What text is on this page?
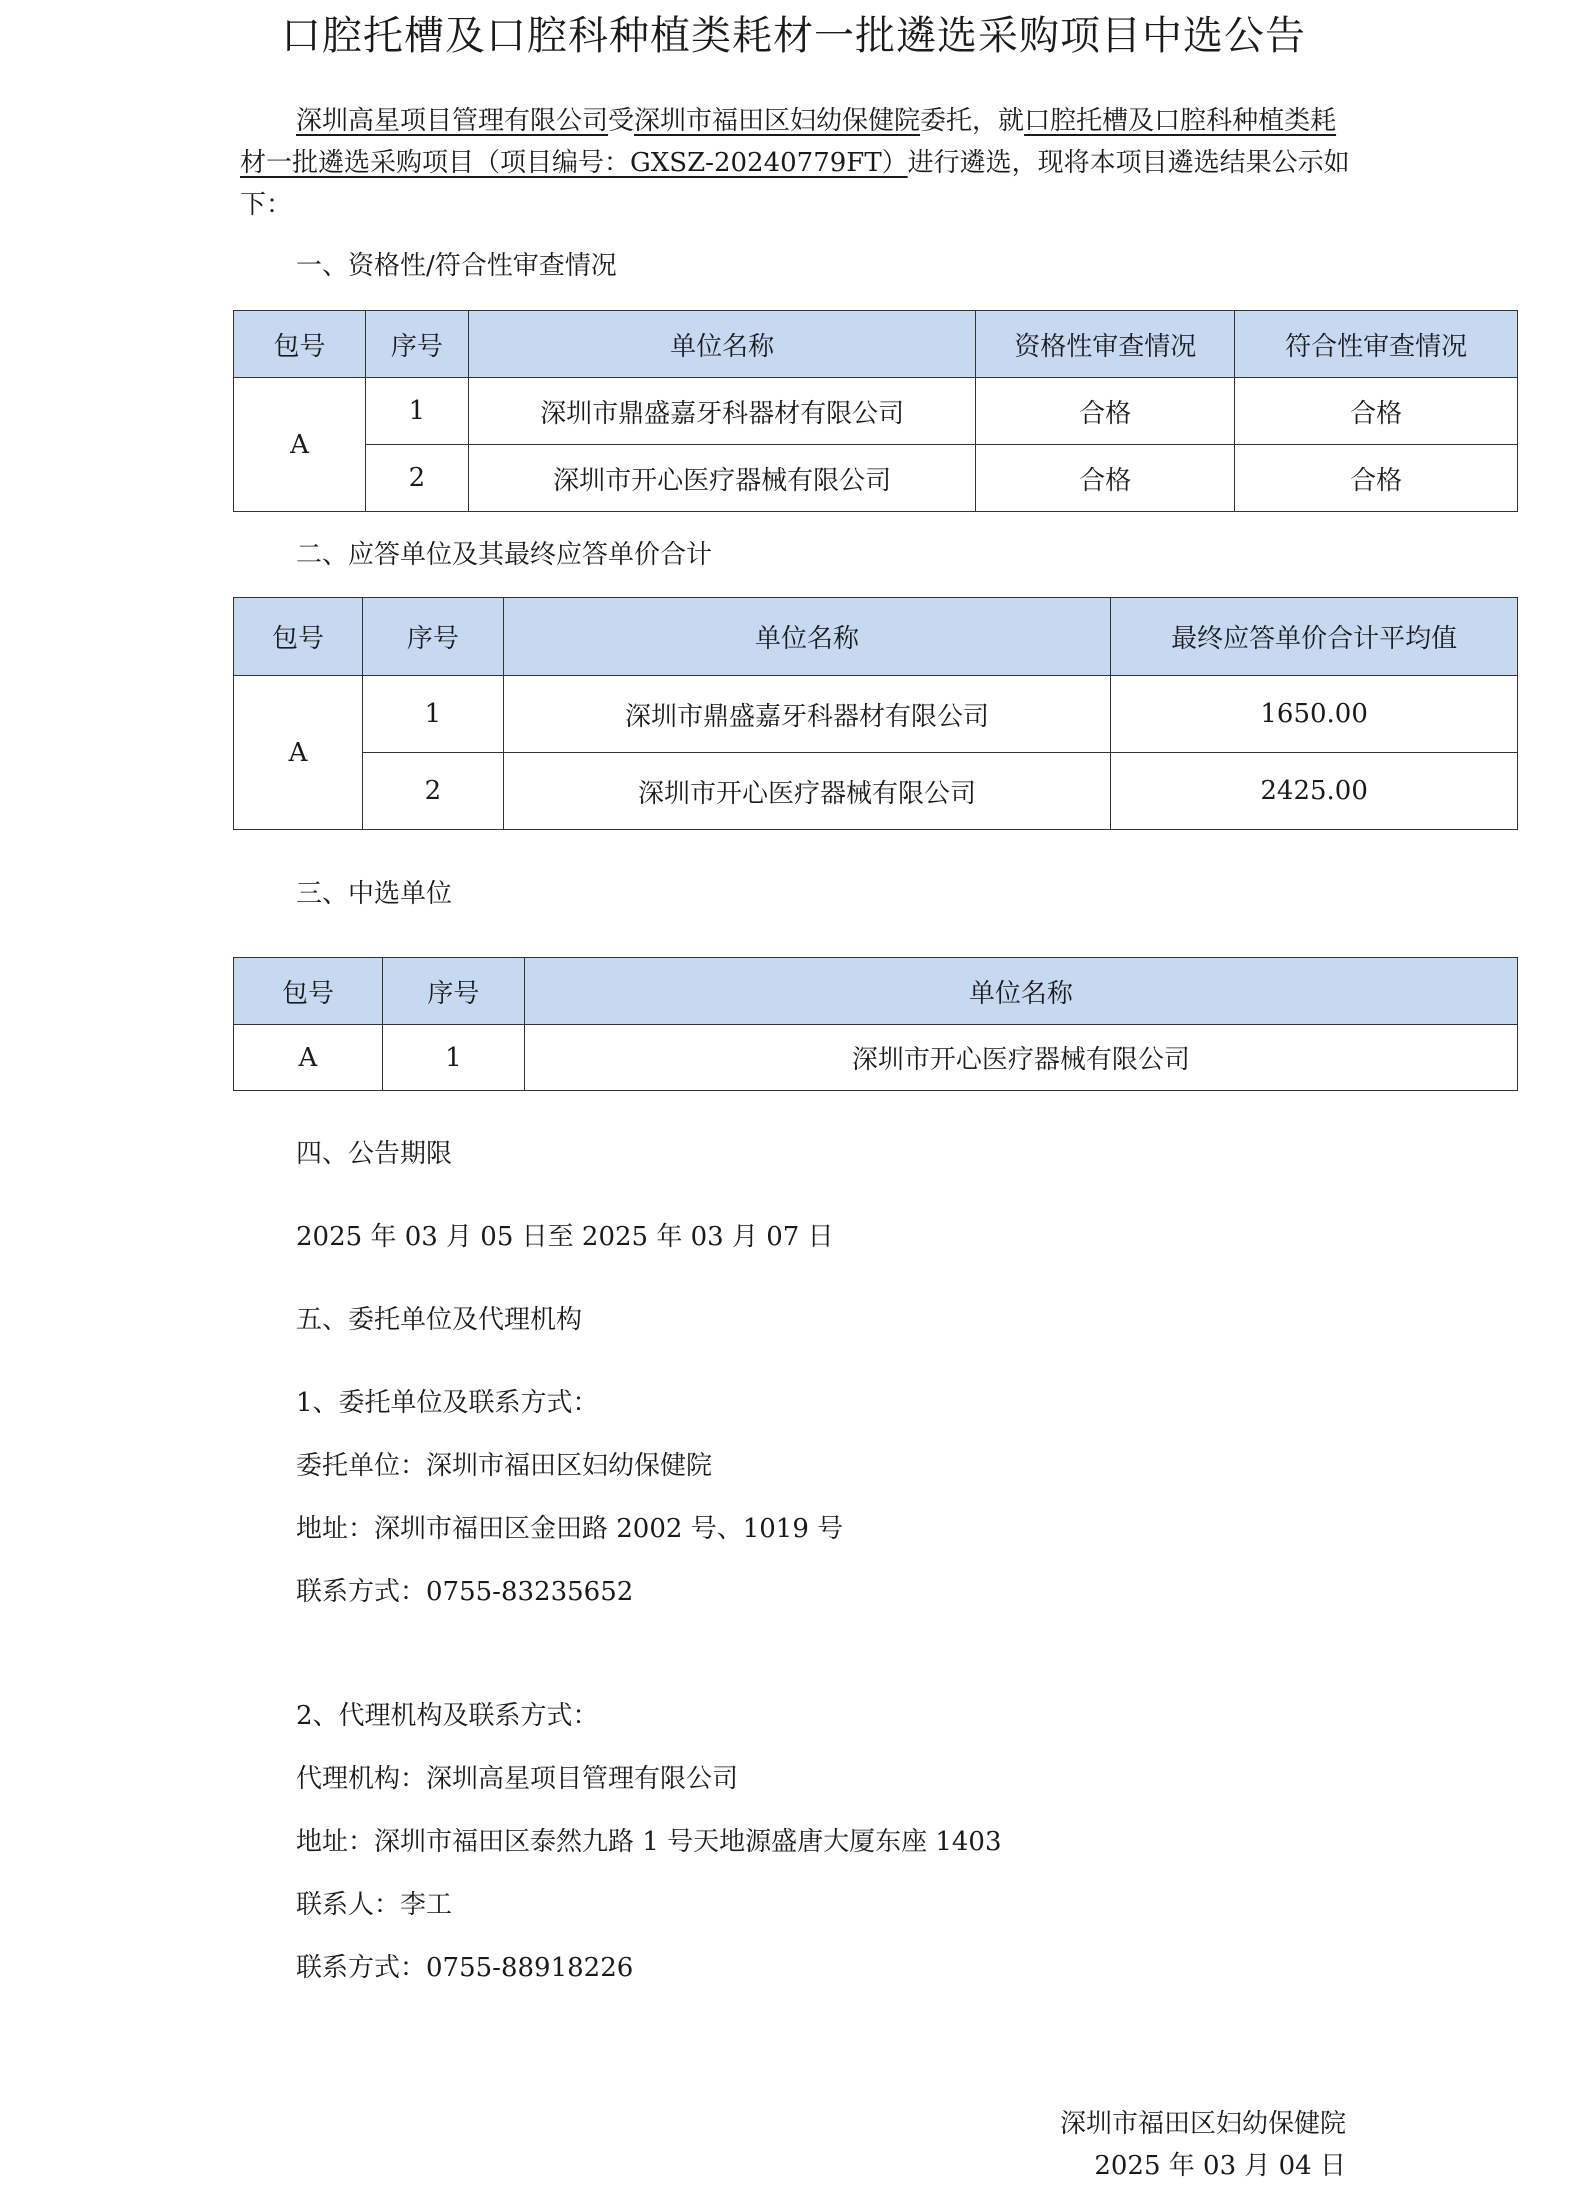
口腔托槽及口腔科种植类耗材一批遴选采购项目中选公告
深圳高星项目管理有限公司受深圳市福田区妇幼保健院委托，就口腔托槽及口腔科种植类耗材一批遴选采购项目（项目编号：GXSZ-20240779FT）进行遴选，现将本项目遴选结果公示如下：
一、资格性/符合性审查情况
包号	序号	单位名称	资格性审查情况	符合性审查情况
A	1	深圳市鼎盛嘉牙科器材有限公司	合格	合格
	2	深圳市开心医疗器械有限公司	合格	合格
二、应答单位及其最终应答单价合计
包号	序号	单位名称	最终应答单价合计平均值
A	1	深圳市鼎盛嘉牙科器材有限公司	1650.00
	2	深圳市开心医疗器械有限公司	2425.00
三、中选单位
包号	序号	单位名称
A	1	深圳市开心医疗器械有限公司
四、公告期限
2025 年 03 月 05 日至 2025 年 03 月 07 日
五、委托单位及代理机构
1、委托单位及联系方式：
委托单位：深圳市福田区妇幼保健院
地址：深圳市福田区金田路 2002 号、1019 号
联系方式：0755-83235652
2、代理机构及联系方式：
代理机构：深圳高星项目管理有限公司
地址：深圳市福田区泰然九路 1 号天地源盛唐大厦东座 1403
联系人：李工
联系方式：0755-88918226
深圳市福田区妇幼保健院
2025 年 03 月 04 日
